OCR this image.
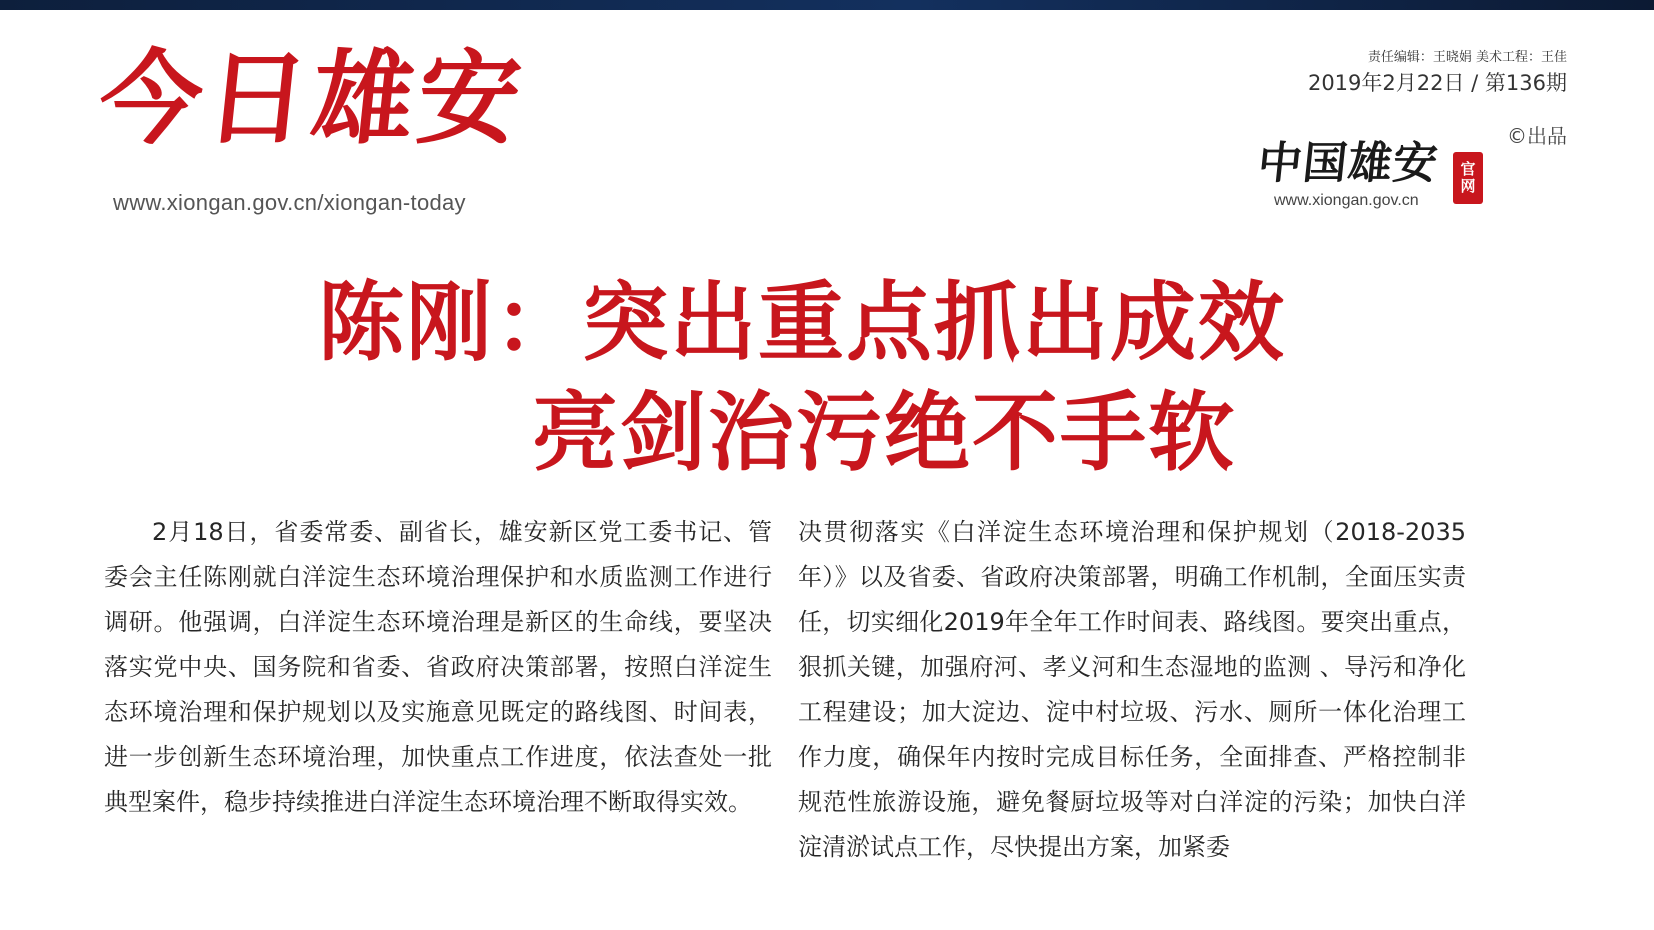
今日雄安
www.xiongan.gov.cn/xiongan-today
责任编辑：王晓娟 美术工程：王佳
2019年2月22日 / 第136期
©出品
中国雄安 官
网
www.xiongan.gov.cn
陈刚：突出重点抓出成效
亮剑治污绝不手软

2月18日，省委常委、副省长，雄安新区党工委书记、管委会主任陈刚就白洋淀生态环境治理保护和水质监测工作进行调研。他强调，白洋淀生态环境治理是新区的生命线，要坚决落实党中央、国务院和省委、省政府决策部署，按照白洋淀生态环境治理和保护规划以及实施意见既定的路线图、时间表，进一步创新生态环境治理，加快重点工作进度，依法查处一批典型案件，稳步持续推进白洋淀生态环境治理不断取得实效。

决贯彻落实《白洋淀生态环境治理和保护规划（2018-2035年）》以及省委、省政府决策部署，明确工作机制，全面压实责任，切实细化2019年全年工作时间表、路线图。要突出重点，狠抓关键，加强府河、孝义河和生态湿地的监测 、导污和净化工程建设；加大淀边、淀中村垃圾、污水、厕所一体化治理工作力度，确保年内按时完成目标任务，全面排查、严格控制非规范性旅游设施，避免餐厨垃圾等对白洋淀的污染；加快白洋淀清淤试点工作，尽快提出方案，加紧委
